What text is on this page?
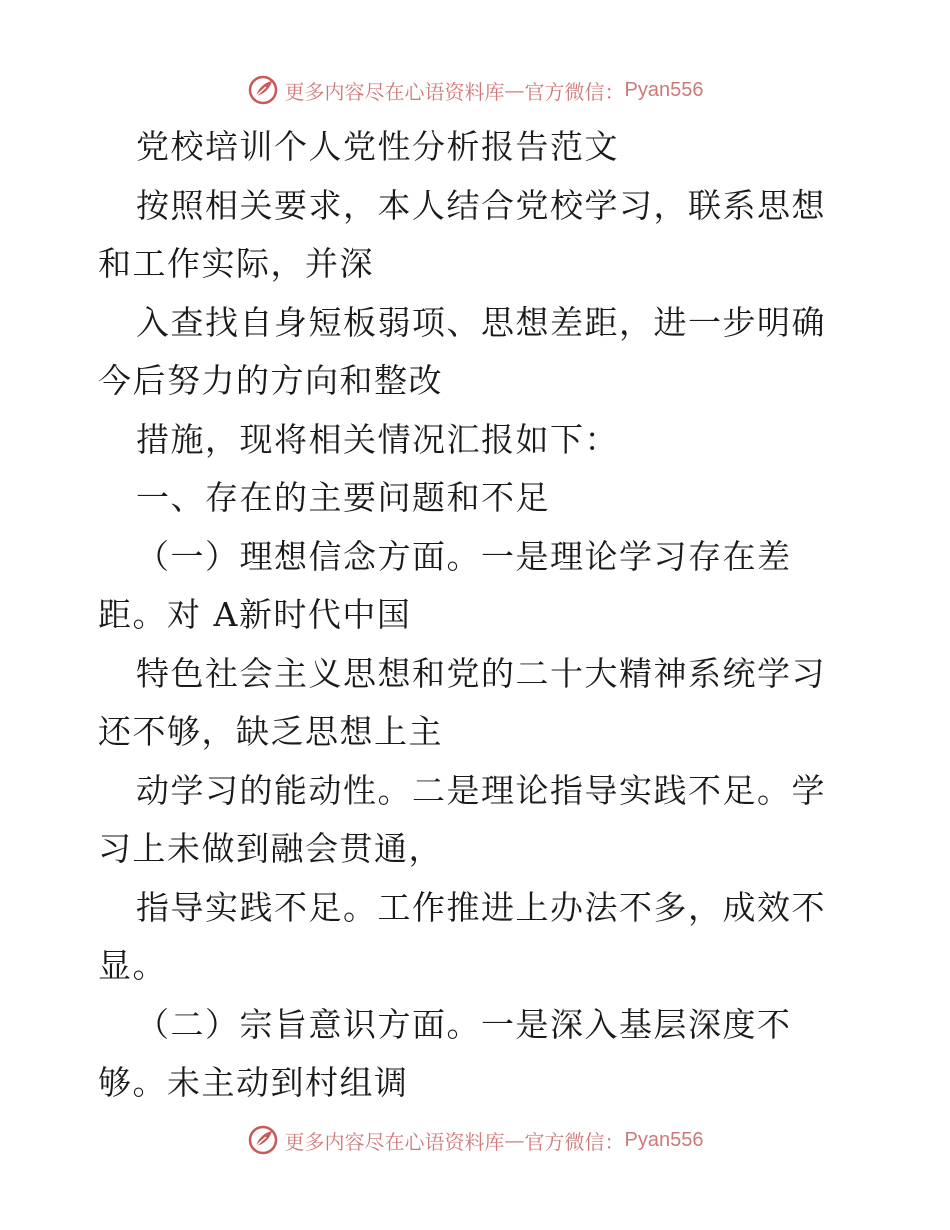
更多内容尽在心语资料库 — 官方微信： Pyan556

党校培训个人党性分析报告范文

按照相关要求，本人结合党校学习，联系思想和工作实际，并深

入查找自身短板弱项、思想差距，进一步明确今后努力的方向和整改

措施，现将相关情况汇报如下：

一、存在的主要问题和不足

（一）理想信念方面。一是理论学习存在差距。对 A新时代中国

特色社会主义思想和党的二十大精神系统学习还不够，缺乏思想上主

动学习的能动性。二是理论指导实践不足。学习上未做到融会贯通，

指导实践不足。工作推进上办法不多，成效不显。

（二）宗旨意识方面。一是深入基层深度不够。未主动到村组调

更多内容尽在心语资料库 — 官方微信： Pyan556
